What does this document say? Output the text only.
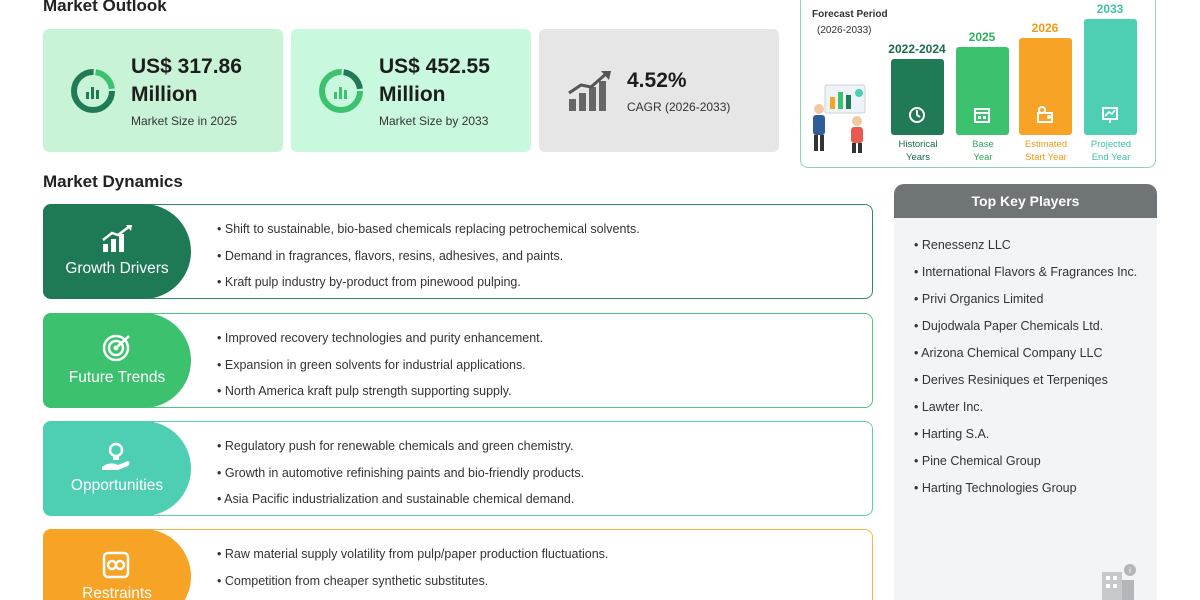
Market Outlook
US$ 317.86
Million
Market Size in 2025
US$ 452.55
Million
Market Size by 2033
4.52%
CAGR (2026-2033)
Forecast Period
(2026-2033)
2022-2024
Historical
Years
2025
Base
Year
2026
Estimated
Start Year
2033
Projected
End Year
Market Dynamics
Growth Drivers
• Shift to sustainable, bio-based chemicals replacing petrochemical solvents.
• Demand in fragrances, flavors, resins, adhesives, and paints.
• Kraft pulp industry by-product from pinewood pulping.
Future Trends
• Improved recovery technologies and purity enhancement.
• Expansion in green solvents for industrial applications.
• North America kraft pulp strength supporting supply.
Opportunities
• Regulatory push for renewable chemicals and green chemistry.
• Growth in automotive refinishing paints and bio-friendly products.
• Asia Pacific industrialization and sustainable chemical demand.
Restraints
• Raw material supply volatility from pulp/paper production fluctuations.
• Competition from cheaper synthetic substitutes.
Top Key Players
• Renessenz LLC
• International Flavors & Fragrances Inc.
• Privi Organics Limited
• Dujodwala Paper Chemicals Ltd.
• Arizona Chemical Company LLC
• Derives Resiniques et Terpeniqes
• Lawter Inc.
• Harting S.A.
• Pine Chemical Group
• Harting Technologies Group
i
